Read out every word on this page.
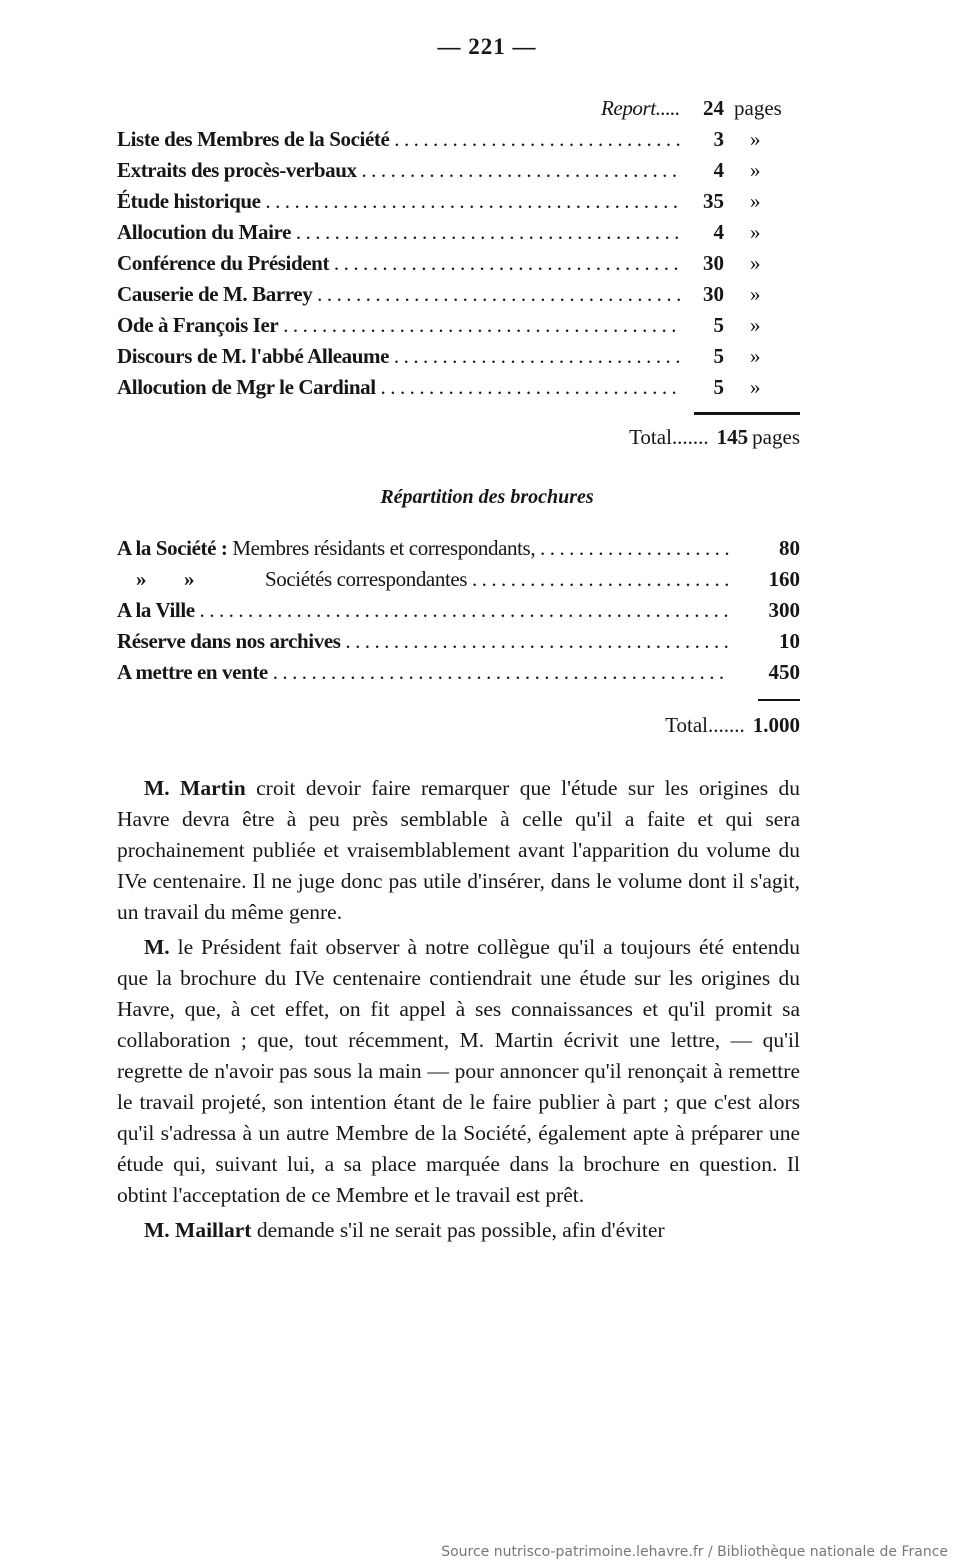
— 221 —
Report.....	24 pages
Liste des Membres de la Société . . .	3	»
Extraits des procès-verbaux . . .	4	»
Étude historique . . .	35	»
Allocution du Maire . . .	4	»
Conférence du Président . . .	30	»
Causerie de M. Barrey . . .	30	»
Ode à François Ier . . .	5	»
Discours de M. l'abbé Alleaume . . .	5	»
Allocution de Mgr le Cardinal . . .	5	»
Total....... 145 pages
Répartition des brochures
A la Société : Membres résidants et correspondants, . . .	80
» »	Sociétés correspondantes . . .	160
A la Ville . . .	300
Réserve dans nos archives . . .	10
A mettre en vente . . .	450
Total....... 1.000

M. Martin croit devoir faire remarquer que l'étude sur les origines du Havre devra être à peu près semblable à celle qu'il a faite et qui sera prochainement publiée et vraisemblablement avant l'apparition du volume du IVe centenaire. Il ne juge donc pas utile d'insérer, dans le volume dont il s'agit, un travail du même genre.

M. le Président fait observer à notre collègue qu'il a toujours été entendu que la brochure du IVe centenaire contiendrait une étude sur les origines du Havre, que, à cet effet, on fit appel à ses connaissances et qu'il promit sa collaboration ; que, tout récemment, M. Martin écrivit une lettre, — qu'il regrette de n'avoir pas sous la main — pour annoncer qu'il renonçait à remettre le travail projeté, son intention étant de le faire publier à part ; que c'est alors qu'il s'adressa à un autre Membre de la Société, également apte à préparer une étude qui, suivant lui, a sa place marquée dans la brochure en question. Il obtint l'acceptation de ce Membre et le travail est prêt.

M. Maillart demande s'il ne serait pas possible, afin d'éviter

Source nutrisco-patrimoine.lehavre.fr / Bibliothèque nationale de France
